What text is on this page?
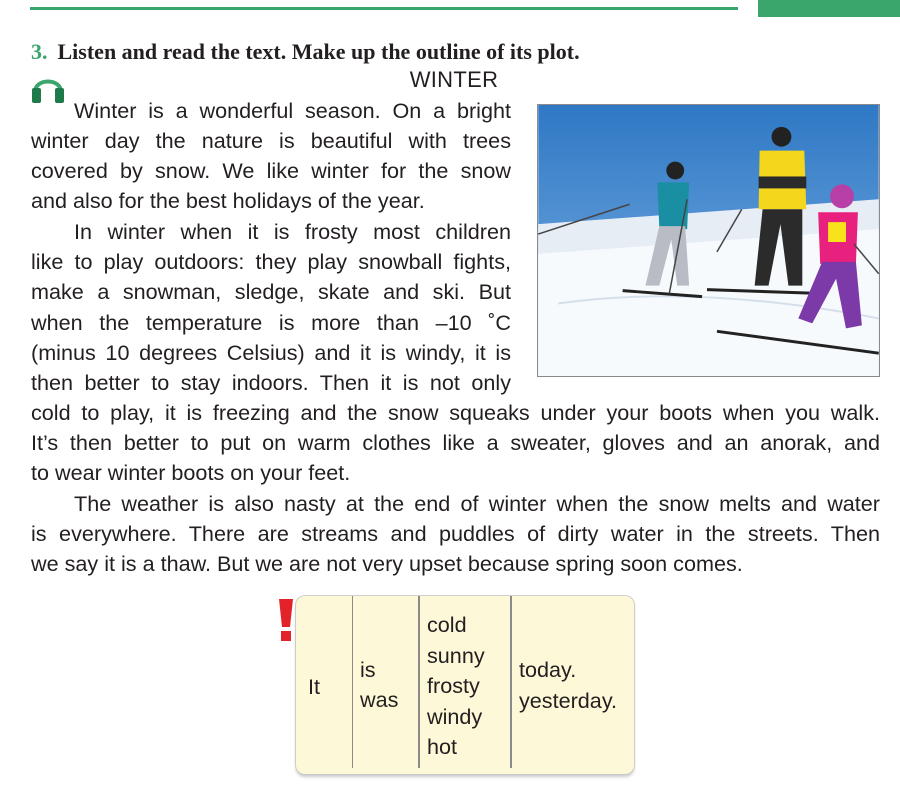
3. Listen and read the text. Make up the outline of its plot.
WINTER
Winter is a wonderful season. On a bright
winter day the nature is beautiful with trees
covered by snow. We like winter for the snow
and also for the best holidays of the year.
In winter when it is frosty most children
like to play outdoors: they play snowball fights,
make a snowman, sledge, skate and ski. But
when the temperature is more than –10 ˚C
(minus 10 degrees Celsius) and it is windy, it is
then better to stay indoors. Then it is not only
cold to play, it is freezing and the snow squeaks under your boots when you walk.
It’s then better to put on warm clothes like a sweater, gloves and an anorak, and
to wear winter boots on your feet.
The weather is also nasty at the end of winter when the snow melts and water
is everywhere. There are streams and puddles of dirty water in the streets. Then
we say it is a thaw. But we are not very upset because spring soon comes.
It
is
was
cold
sunny
frosty
windy
hot
today.
yesterday.
